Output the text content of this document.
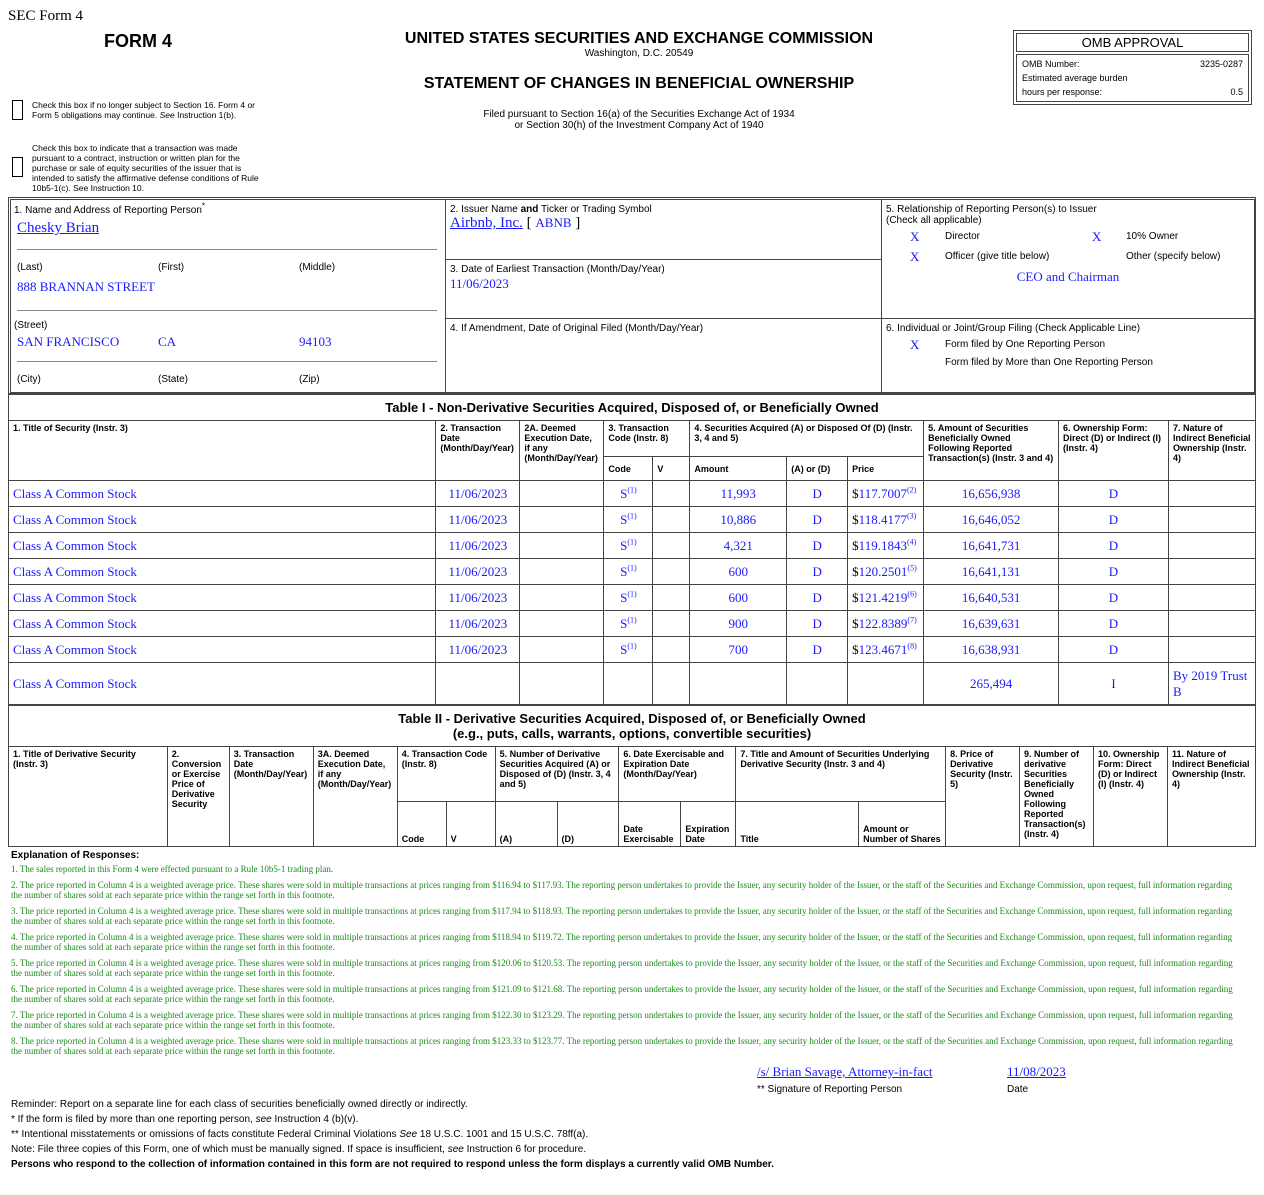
SEC Form 4
FORM 4	UNITED STATES SECURITIES AND EXCHANGE COMMISSION
Washington, D.C. 20549
STATEMENT OF CHANGES IN BENEFICIAL OWNERSHIP
Filed pursuant to Section 16(a) of the Securities Exchange Act of 1934
or Section 30(h) of the Investment Company Act of 1940
OMB APPROVAL
OMB Number:	3235-0287
Estimated average burden
hours per response:	0.5
Check this box if no longer subject to Section 16. Form 4 or Form 5 obligations may continue. See Instruction 1(b).
Check this box to indicate that a transaction was made pursuant to a contract, instruction or written plan for the purchase or sale of equity securities of the issuer that is intended to satisfy the affirmative defense conditions of Rule 10b5-1(c). See Instruction 10.
1. Name and Address of Reporting Person*
Chesky Brian
(Last)	(First)	(Middle)
888 BRANNAN STREET
(Street)
SAN FRANCISCO	CA	94103
(City)	(State)	(Zip)
2. Issuer Name and Ticker or Trading Symbol
Airbnb, Inc. [ ABNB ]
3. Date of Earliest Transaction (Month/Day/Year)
11/06/2023
4. If Amendment, Date of Original Filed (Month/Day/Year)
5. Relationship of Reporting Person(s) to Issuer
(Check all applicable)
X	Director	X 10% Owner
X	Officer (give title below)	Other (specify below)
CEO and Chairman
6. Individual or Joint/Group Filing (Check Applicable Line)
X	Form filed by One Reporting Person
Form filed by More than One Reporting Person
Table I - Non-Derivative Securities Acquired, Disposed of, or Beneficially Owned										
1. Title of Security (Instr. 3)	2. Transaction Date (Month/Day/Year)	2A. Deemed Execution Date, if any (Month/Day/Year)	3. Transaction Code (Instr. 8)		4. Securities Acquired (A) or Disposed Of (D) (Instr. 3, 4 and 5)			5. Amount of Securities Beneficially Owned Following Reported Transaction(s) (Instr. 3 and 4)	6. Ownership Form: Direct (D) or Indirect (I) (Instr. 4)	7. Nature of Indirect Beneficial Ownership (Instr. 4)
			Code	V	Amount	(A) or (D)	Price			
Class A Common Stock	11/06/2023		$S^{(1)}$		11,993	D	$117.7007$^{(2)}$	16,656,938	D	
Class A Common Stock	11/06/2023		$S^{(1)}$		10,886	D	$118.4177$^{(3)}$	16,646,052	D	
Class A Common Stock	11/06/2023		$S^{(1)}$		4,321	D	$119.1843$^{(4)}$	16,641,731	D	
Class A Common Stock	11/06/2023		$S^{(1)}$		600	D	$120.2501$^{(5)}$	16,641,131	D	
Class A Common Stock	11/06/2023		$S^{(1)}$		600	D	$121.4219$^{(6)}$	16,640,531	D	
Class A Common Stock	11/06/2023		$S^{(1)}$		900	D	$122.8389$^{(7)}$	16,639,631	D	
Class A Common Stock	11/06/2023		$S^{(1)}$		700	D	$123.4671$^{(8)}$	16,638,931	D	
Class A Common Stock								265,494	I	By 2019 Trust B
Table II - Derivative Securities Acquired, Disposed of, or Beneficially Owned
(e.g., puts, calls, warrants, options, convertible securities)															

1. Title of Derivative Security (Instr. 3)	2. Conversion or Exercise Price of Derivative Security	3. Transaction Date (Month/Day/Year)	3A. Deemed Execution Date, if any (Month/Day/Year)	4. Transaction Code (Instr. 8)		5. Number of Derivative Securities Acquired (A) or Disposed of (D) (Instr. 3, 4 and 5)		6. Date Exercisable and Expiration Date (Month/Day/Year)		7. Title and Amount of Securities Underlying Derivative Security (Instr. 3 and 4)		8. Price of Derivative Security (Instr. 5)	9. Number of derivative Securities Beneficially Owned Following Reported Transaction(s) (Instr. 4)	10. Ownership Form: Direct (D) or Indirect (I) (Instr. 4)	11. Nature of Indirect Beneficial Ownership (Instr. 4)
				Code	V	(A)	(D)	Date Exercisable	Expiration Date	Title	Amount or Number of Shares				
Explanation of Responses:
1. The sales reported in this Form 4 were effected pursuant to a Rule 10b5-1 trading plan.
2. The price reported in Column 4 is a weighted average price. These shares were sold in multiple transactions at prices ranging from $116.94 to $117.93. The reporting person undertakes to provide the Issuer, any security holder of the Issuer, or the staff of the Securities and Exchange Commission, upon request, full information regarding the number of shares sold at each separate price within the range set forth in this footnote.
3. The price reported in Column 4 is a weighted average price. These shares were sold in multiple transactions at prices ranging from $117.94 to $118.93. The reporting person undertakes to provide the Issuer, any security holder of the Issuer, or the staff of the Securities and Exchange Commission, upon request, full information regarding the number of shares sold at each separate price within the range set forth in this footnote.
4. The price reported in Column 4 is a weighted average price. These shares were sold in multiple transactions at prices ranging from $118.94 to $119.72. The reporting person undertakes to provide the Issuer, any security holder of the Issuer, or the staff of the Securities and Exchange Commission, upon request, full information regarding the number of shares sold at each separate price within the range set forth in this footnote.
5. The price reported in Column 4 is a weighted average price. These shares were sold in multiple transactions at prices ranging from $120.06 to $120.53. The reporting person undertakes to provide the Issuer, any security holder of the Issuer, or the staff of the Securities and Exchange Commission, upon request, full information regarding the number of shares sold at each separate price within the range set forth in this footnote.
6. The price reported in Column 4 is a weighted average price. These shares were sold in multiple transactions at prices ranging from $121.09 to $121.68. The reporting person undertakes to provide the Issuer, any security holder of the Issuer, or the staff of the Securities and Exchange Commission, upon request, full information regarding the number of shares sold at each separate price within the range set forth in this footnote.
7. The price reported in Column 4 is a weighted average price. These shares were sold in multiple transactions at prices ranging from $122.30 to $123.29. The reporting person undertakes to provide the Issuer, any security holder of the Issuer, or the staff of the Securities and Exchange Commission, upon request, full information regarding the number of shares sold at each separate price within the range set forth in this footnote.
8. The price reported in Column 4 is a weighted average price. These shares were sold in multiple transactions at prices ranging from $123.33 to $123.77. The reporting person undertakes to provide the Issuer, any security holder of the Issuer, or the staff of the Securities and Exchange Commission, upon request, full information regarding the number of shares sold at each separate price within the range set forth in this footnote.
/s/ Brian Savage, Attorney-in-fact	11/08/2023
** Signature of Reporting Person	Date
Reminder: Report on a separate line for each class of securities beneficially owned directly or indirectly.
* If the form is filed by more than one reporting person, see Instruction 4 (b)(v).
** Intentional misstatements or omissions of facts constitute Federal Criminal Violations See 18 U.S.C. 1001 and 15 U.S.C. 78ff(a).
Note: File three copies of this Form, one of which must be manually signed. If space is insufficient, see Instruction 6 for procedure.
Persons who respond to the collection of information contained in this form are not required to respond unless the form displays a currently valid OMB Number.
